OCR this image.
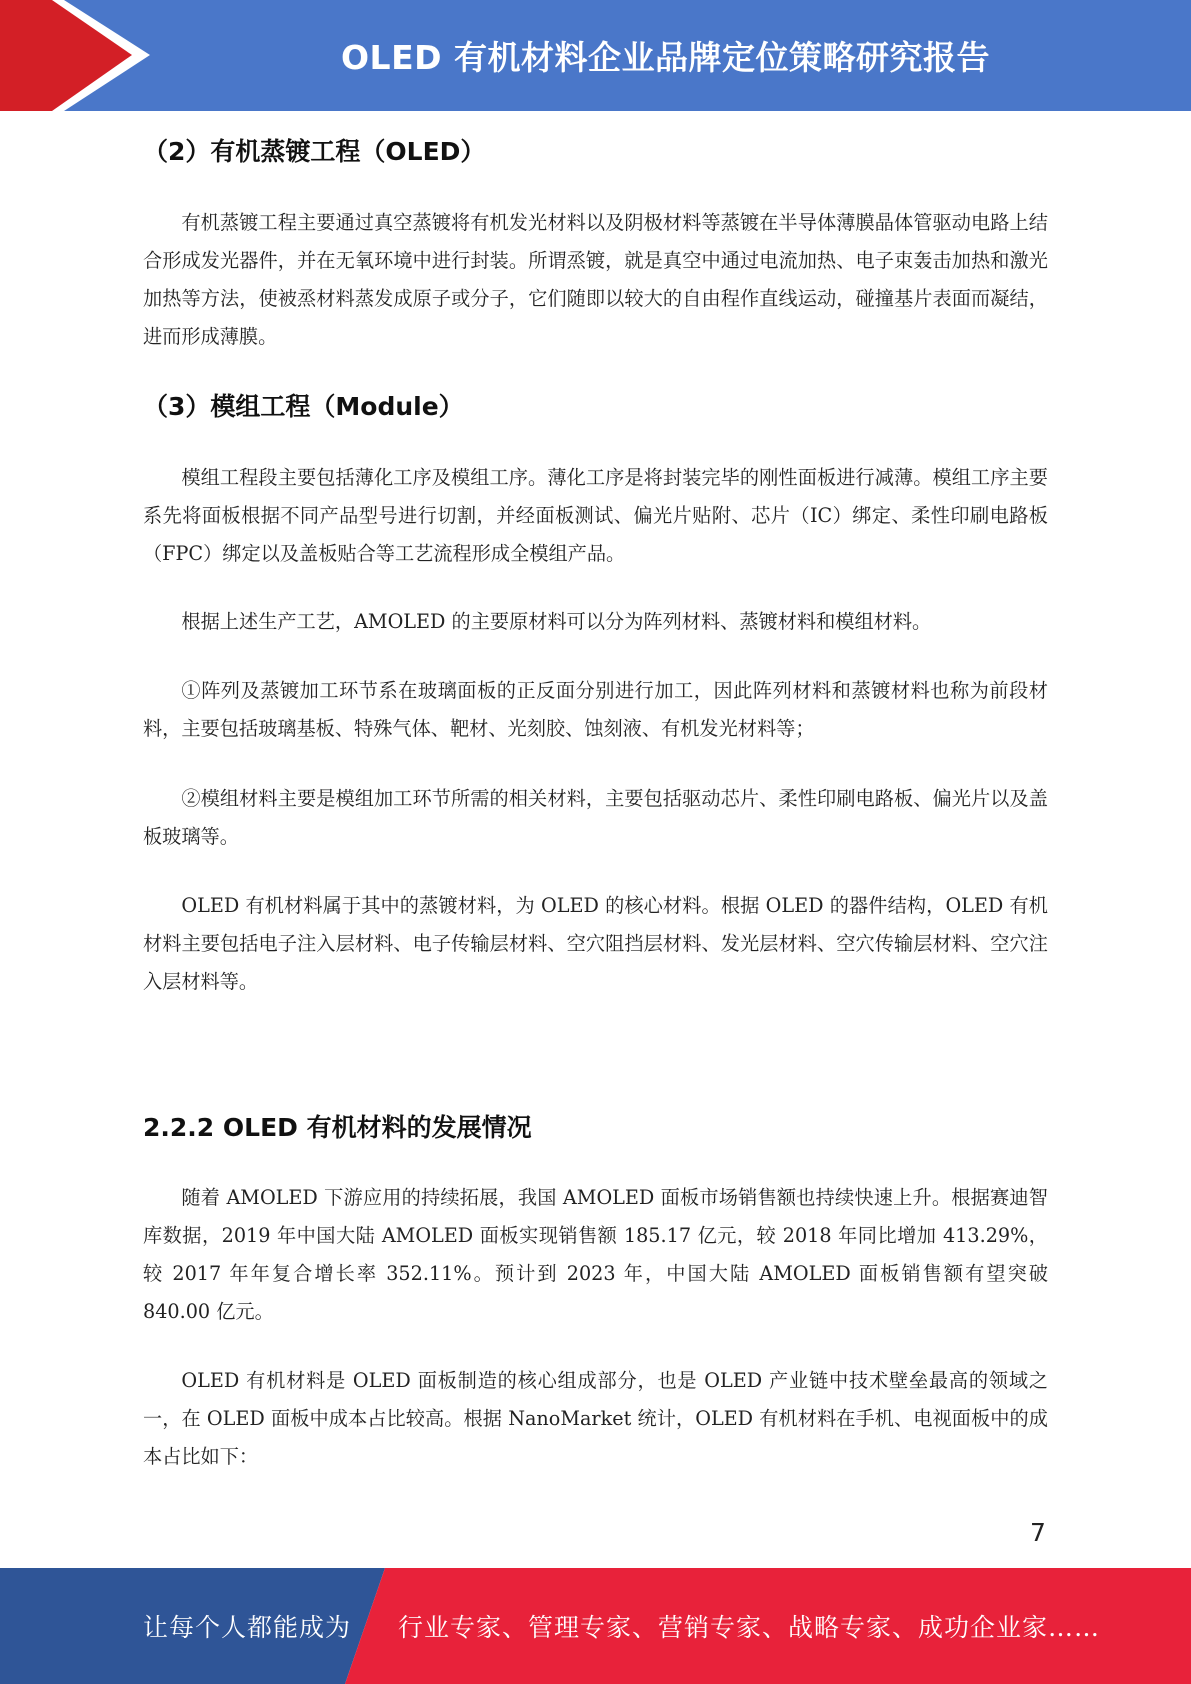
OLED 有机材料企业品牌定位策略研究报告
（2）有机蒸镀工程（OLED）

有机蒸镀工程主要通过真空蒸镀将有机发光材料以及阴极材料等蒸镀在半导体薄膜晶体管驱动电路上结合形成发光器件，并在无氧环境中进行封装。所谓烝镀，就是真空中通过电流加热、电子束轰击加热和激光加热等方法，使被烝材料蒸发成原子或分子，它们随即以较大的自由程作直线运动，碰撞基片表面而凝结，进而形成薄膜。

（3）模组工程（Module）

模组工程段主要包括薄化工序及模组工序。薄化工序是将封装完毕的刚性面板进行减薄。模组工序主要系先将面板根据不同产品型号进行切割，并经面板测试、偏光片贴附、芯片（IC）绑定、柔性印刷电路板（FPC）绑定以及盖板贴合等工艺流程形成全模组产品。

根据上述生产工艺，AMOLED 的主要原材料可以分为阵列材料、蒸镀材料和模组材料。

①阵列及蒸镀加工环节系在玻璃面板的正反面分别进行加工，因此阵列材料和蒸镀材料也称为前段材料，主要包括玻璃基板、特殊气体、靶材、光刻胶、蚀刻液、有机发光材料等；

②模组材料主要是模组加工环节所需的相关材料，主要包括驱动芯片、柔性印刷电路板、偏光片以及盖板玻璃等。

OLED 有机材料属于其中的蒸镀材料，为 OLED 的核心材料。根据 OLED 的器件结构，OLED 有机材料主要包括电子注入层材料、电子传输层材料、空穴阻挡层材料、发光层材料、空穴传输层材料、空穴注入层材料等。

2.2.2 OLED 有机材料的发展情况

随着 AMOLED 下游应用的持续拓展，我国 AMOLED 面板市场销售额也持续快速上升。根据赛迪智库数据，2019 年中国大陆 AMOLED 面板实现销售额 185.17 亿元，较 2018 年同比增加 413.29%，较 2017 年年复合增长率 352.11%。预计到 2023 年，中国大陆 AMOLED 面板销售额有望突破 840.00 亿元。

OLED 有机材料是 OLED 面板制造的核心组成部分，也是 OLED 产业链中技术壁垒最高的领域之一，在 OLED 面板中成本占比较高。根据 NanoMarket 统计，OLED 有机材料在手机、电视面板中的成本占比如下：

7
让每个人都能成为 行业专家、管理专家、营销专家、战略专家、成功企业家……
